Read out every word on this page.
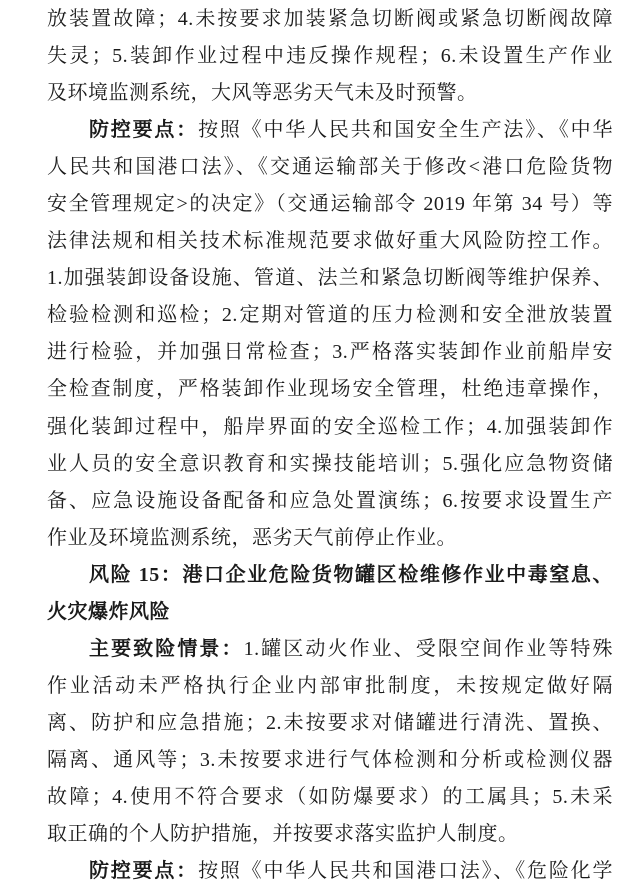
放装置故障；4.未按要求加装紧急切断阀或紧急切断阀故障
失灵；5.装卸作业过程中违反操作规程；6.未设置生产作业
及环境监测系统，大风等恶劣天气未及时预警。
防控要点：按照《中华人民共和国安全生产法》、《中华
人民共和国港口法》、《交通运输部关于修改<港口危险货物
安全管理规定>的决定》（交通运输部令 2019 年第 34 号）等
法律法规和相关技术标准规范要求做好重大风险防控工作。
1.加强装卸设备设施、管道、法兰和紧急切断阀等维护保养、
检验检测和巡检；2.定期对管道的压力检测和安全泄放装置
进行检验，并加强日常检查；3.严格落实装卸作业前船岸安
全检查制度，严格装卸作业现场安全管理，杜绝违章操作，
强化装卸过程中，船岸界面的安全巡检工作；4.加强装卸作
业人员的安全意识教育和实操技能培训；5.强化应急物资储
备、应急设施设备配备和应急处置演练；6.按要求设置生产
作业及环境监测系统，恶劣天气前停止作业。
风险 15：港口企业危险货物罐区检维修作业中毒窒息、
火灾爆炸风险
主要致险情景：1.罐区动火作业、受限空间作业等特殊
作业活动未严格执行企业内部审批制度，未按规定做好隔
离、防护和应急措施；2.未按要求对储罐进行清洗、置换、
隔离、通风等；3.未按要求进行气体检测和分析或检测仪器
故障；4.使用不符合要求（如防爆要求）的工属具；5.未采
取正确的个人防护措施，并按要求落实监护人制度。
防控要点：按照《中华人民共和国港口法》、《危险化学
